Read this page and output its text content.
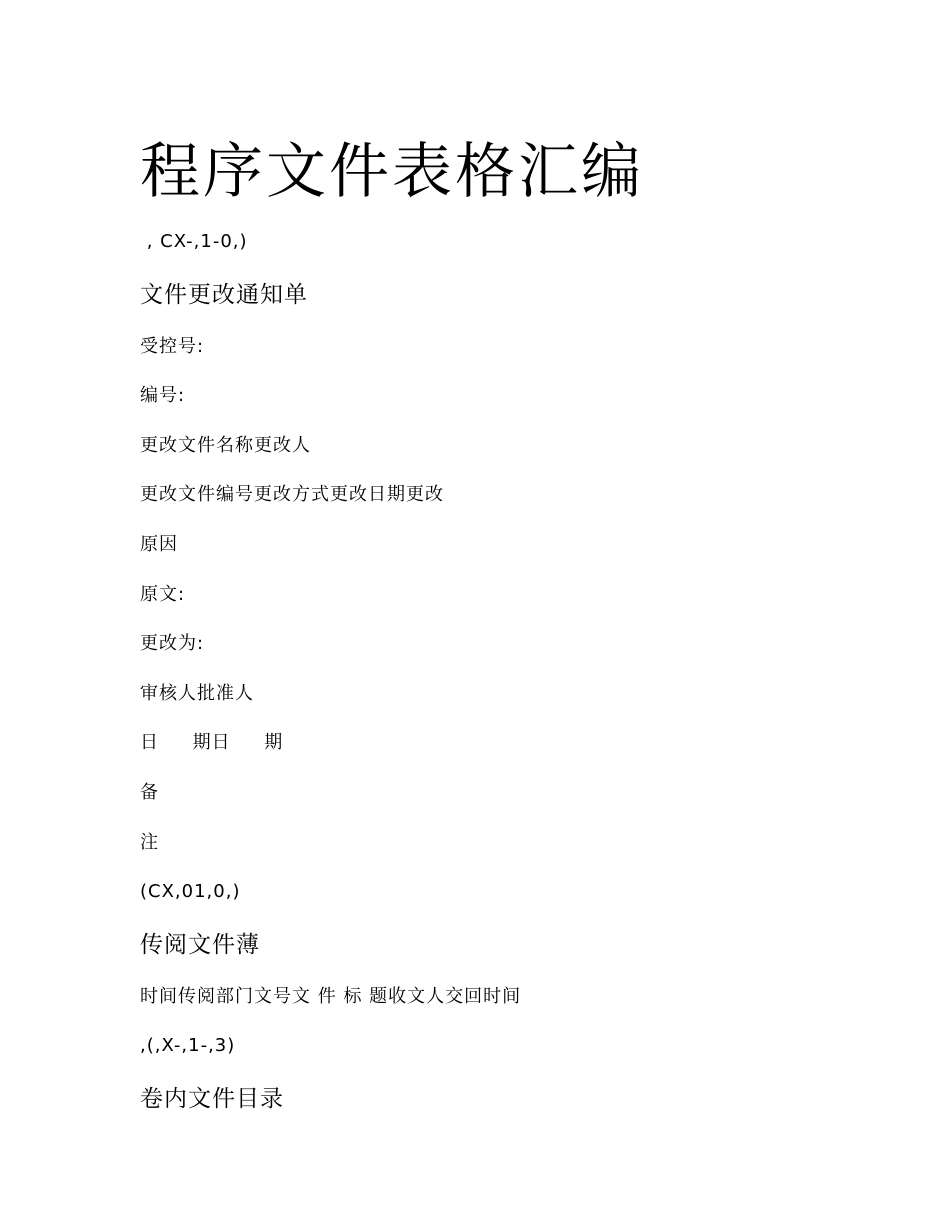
程序文件表格汇编
, CX-,1-0,)
文件更改通知单
受控号:
编号:
更改文件名称更改人
更改文件编号更改方式更改日期更改
原因
原文:
更改为:
审核人批准人
日     期日     期
备
注
(CX,01,0,)
传阅文件薄
时间传阅部门文号文 件 标 题收文人交回时间
,(,X-,1-,3)
卷内文件目录
